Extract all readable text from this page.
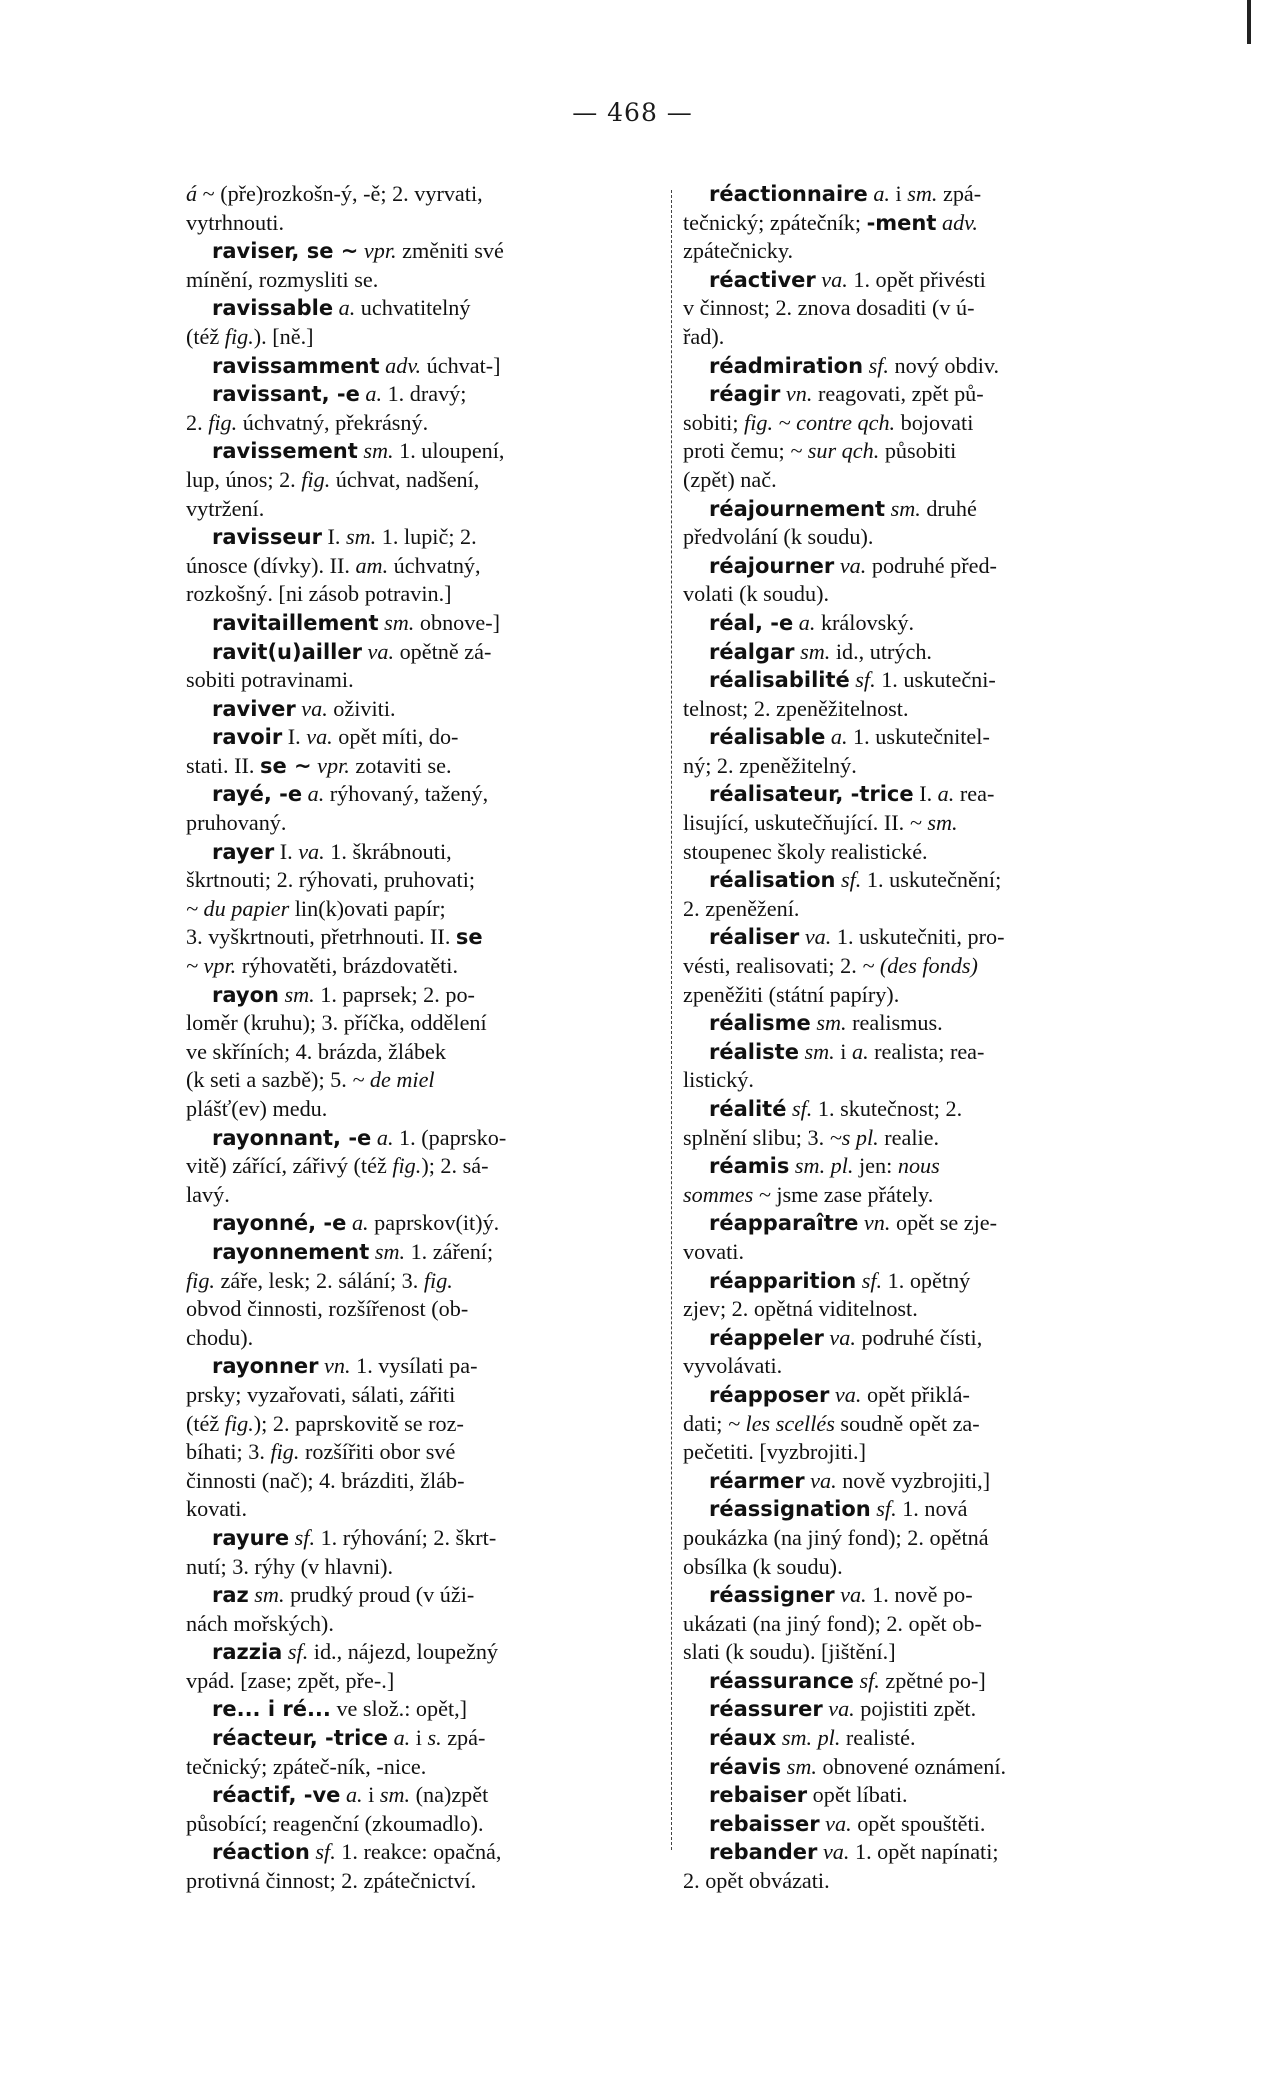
— 468 —
á ~ (pře)rozkošn-ý, -ě; 2. vyrvati,
vytrhnouti.
raviser, se ~ vpr. změniti své
mínění, rozmysliti se.
ravissable a. uchvatitelný
(též fig.). [ně.]
ravissamment adv. úchvat-]
ravissant, -e a. 1. dravý;
2. fig. úchvatný, překrásný.
ravissement sm. 1. uloupení,
lup, únos; 2. fig. úchvat, nadšení,
vytržení.
ravisseur I. sm. 1. lupič; 2.
únosce (dívky). II. am. úchvatný,
rozkošný. [ni zásob potravin.]
ravitaillement sm. obnove-]
ravit(u)ailler va. opětně zá-
sobiti potravinami.
raviver va. oživiti.
ravoir I. va. opět míti, do-
stati. II. se ~ vpr. zotaviti se.
rayé, -e a. rýhovaný, tažený,
pruhovaný.
rayer I. va. 1. škrábnouti,
škrtnouti; 2. rýhovati, pruhovati;
~ du papier lin(k)ovati papír;
3. vyškrtnouti, přetrhnouti. II. se
~ vpr. rýhovatěti, brázdovatěti.
rayon sm. 1. paprsek; 2. po-
loměr (kruhu); 3. příčka, oddělení
ve skříních; 4. brázda, žlábek
(k seti a sazbě); 5. ~ de miel
plášť(ev) medu.
rayonnant, -e a. 1. (paprsko-
vitě) zářící, zářivý (též fig.); 2. sá-
lavý.
rayonné, -e a. paprskov(it)ý.
rayonnement sm. 1. záření;
fig. záře, lesk; 2. sálání; 3. fig.
obvod činnosti, rozšířenost (ob-
chodu).
rayonner vn. 1. vysílati pa-
prsky; vyzařovati, sálati, zářiti
(též fig.); 2. paprskovitě se roz-
bíhati; 3. fig. rozšířiti obor své
činnosti (nač); 4. brázditi, žláb-
kovati.
rayure sf. 1. rýhování; 2. škrt-
nutí; 3. rýhy (v hlavni).
raz sm. prudký proud (v úži-
nách mořských).
razzia sf. id., nájezd, loupežný
vpád. [zase; zpět, pře-.]
re... i ré... ve slož.: opět,]
réacteur, -trice a. i s. zpá-
tečnický; zpáteč-ník, -nice.
réactif, -ve a. i sm. (na)zpět
působící; reagenční (zkoumadlo).
réaction sf. 1. reakce: opačná,
protivná činnost; 2. zpátečnictví.
réactionnaire a. i sm. zpá-
tečnický; zpátečník; -ment adv.
zpátečnicky.
réactiver va. 1. opět přivésti
v činnost; 2. znova dosaditi (v ú-
řad).
réadmiration sf. nový obdiv.
réagir vn. reagovati, zpět pů-
sobiti; fig. ~ contre qch. bojovati
proti čemu; ~ sur qch. působiti
(zpět) nač.
réajournement sm. druhé
předvolání (k soudu).
réajourner va. podruhé před-
volati (k soudu).
réal, -e a. královský.
réalgar sm. id., utrých.
réalisabilité sf. 1. uskutečni-
telnost; 2. zpeněžitelnost.
réalisable a. 1. uskutečnitel-
ný; 2. zpeněžitelný.
réalisateur, -trice I. a. rea-
lisující, uskutečňující. II. ~ sm.
stoupenec školy realistické.
réalisation sf. 1. uskutečnění;
2. zpeněžení.
réaliser va. 1. uskutečniti, pro-
vésti, realisovati; 2. ~ (des fonds)
zpeněžiti (státní papíry).
réalisme sm. realismus.
réaliste sm. i a. realista; rea-
listický.
réalité sf. 1. skutečnost; 2.
splnění slibu; 3. ~s pl. realie.
réamis sm. pl. jen: nous
sommes ~ jsme zase přátely.
réapparaître vn. opět se zje-
vovati.
réapparition sf. 1. opětný
zjev; 2. opětná viditelnost.
réappeler va. podruhé čísti,
vyvolávati.
réapposer va. opět přiklá-
dati; ~ les scellés soudně opět za-
pečetiti. [vyzbrojiti.]
réarmer va. nově vyzbrojiti,]
réassignation sf. 1. nová
poukázka (na jiný fond); 2. opětná
obsílka (k soudu).
réassigner va. 1. nově po-
ukázati (na jiný fond); 2. opět ob-
slati (k soudu). [jištění.]
réassurance sf. zpětné po-]
réassurer va. pojistiti zpět.
réaux sm. pl. realisté.
réavis sm. obnovené oznámení.
rebaiser opět líbati.
rebaisser va. opět spouštěti.
rebander va. 1. opět napínati;
2. opět obvázati.
